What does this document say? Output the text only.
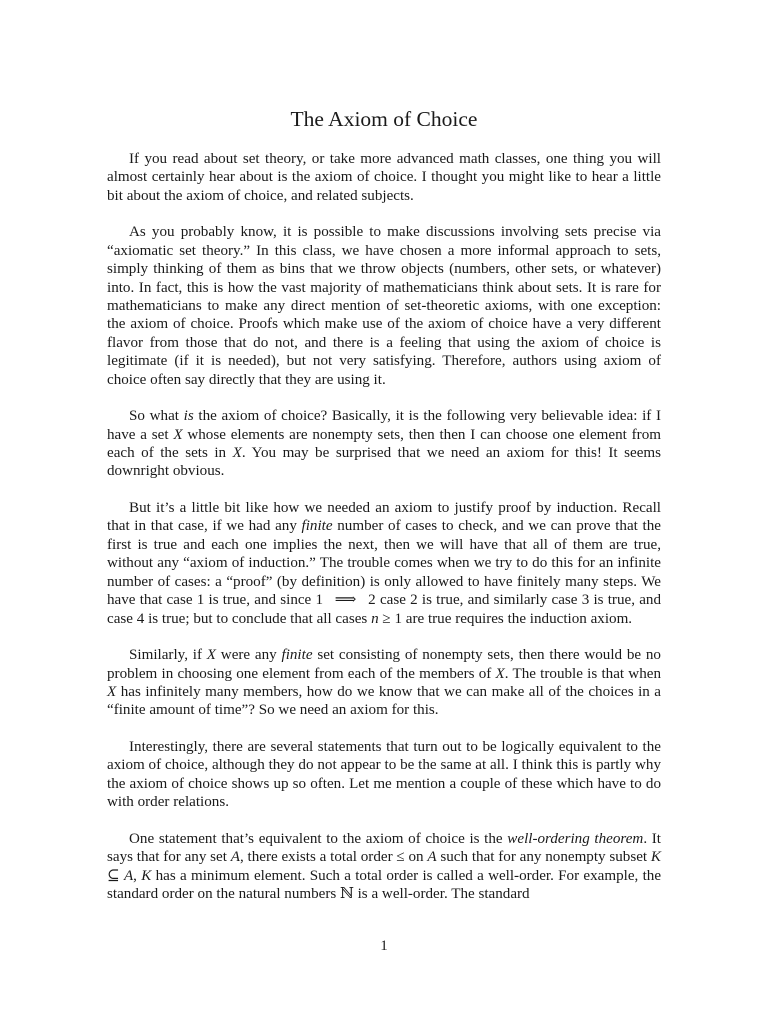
The Axiom of Choice

If you read about set theory, or take more advanced math classes, one thing you will almost certainly hear about is the axiom of choice. I thought you might like to hear a little bit about the axiom of choice, and related subjects.

As you probably know, it is possible to make discussions involving sets precise via “axiomatic set theory.” In this class, we have chosen a more informal approach to sets, simply thinking of them as bins that we throw objects (numbers, other sets, or whatever) into. In fact, this is how the vast majority of mathematicians think about sets. It is rare for mathematicians to make any direct mention of set-theoretic axioms, with one exception: the axiom of choice. Proofs which make use of the axiom of choice have a very different flavor from those that do not, and there is a feeling that using the axiom of choice is legitimate (if it is needed), but not very satisfying. Therefore, authors using axiom of choice often say directly that they are using it.

So what is the axiom of choice? Basically, it is the following very believable idea: if I have a set X whose elements are nonempty sets, then then I can choose one element from each of the sets in X. You may be surprised that we need an axiom for this! It seems downright obvious.

But it’s a little bit like how we needed an axiom to justify proof by induction. Recall that in that case, if we had any finite number of cases to check, and we can prove that the first is true and each one implies the next, then we will have that all of them are true, without any “axiom of induction.” The trouble comes when we try to do this for an infinite number of cases: a “proof” (by definition) is only allowed to have finitely many steps. We have that case 1 is true, and since 1  ⟹  2 case 2 is true, and similarly case 3 is true, and case 4 is true; but to conclude that all cases n ≥ 1 are true requires the induction axiom.

Similarly, if X were any finite set consisting of nonempty sets, then there would be no problem in choosing one element from each of the members of X. The trouble is that when X has infinitely many members, how do we know that we can make all of the choices in a “finite amount of time”? So we need an axiom for this.

Interestingly, there are several statements that turn out to be logically equivalent to the axiom of choice, although they do not appear to be the same at all. I think this is partly why the axiom of choice shows up so often. Let me mention a couple of these which have to do with order relations.

One statement that’s equivalent to the axiom of choice is the well-ordering theorem. It says that for any set A, there exists a total order ≤ on A such that for any nonempty subset K ⊆ A, K has a minimum element. Such a total order is called a well-order. For example, the standard order on the natural numbers ℕ is a well-order. The standard

1
